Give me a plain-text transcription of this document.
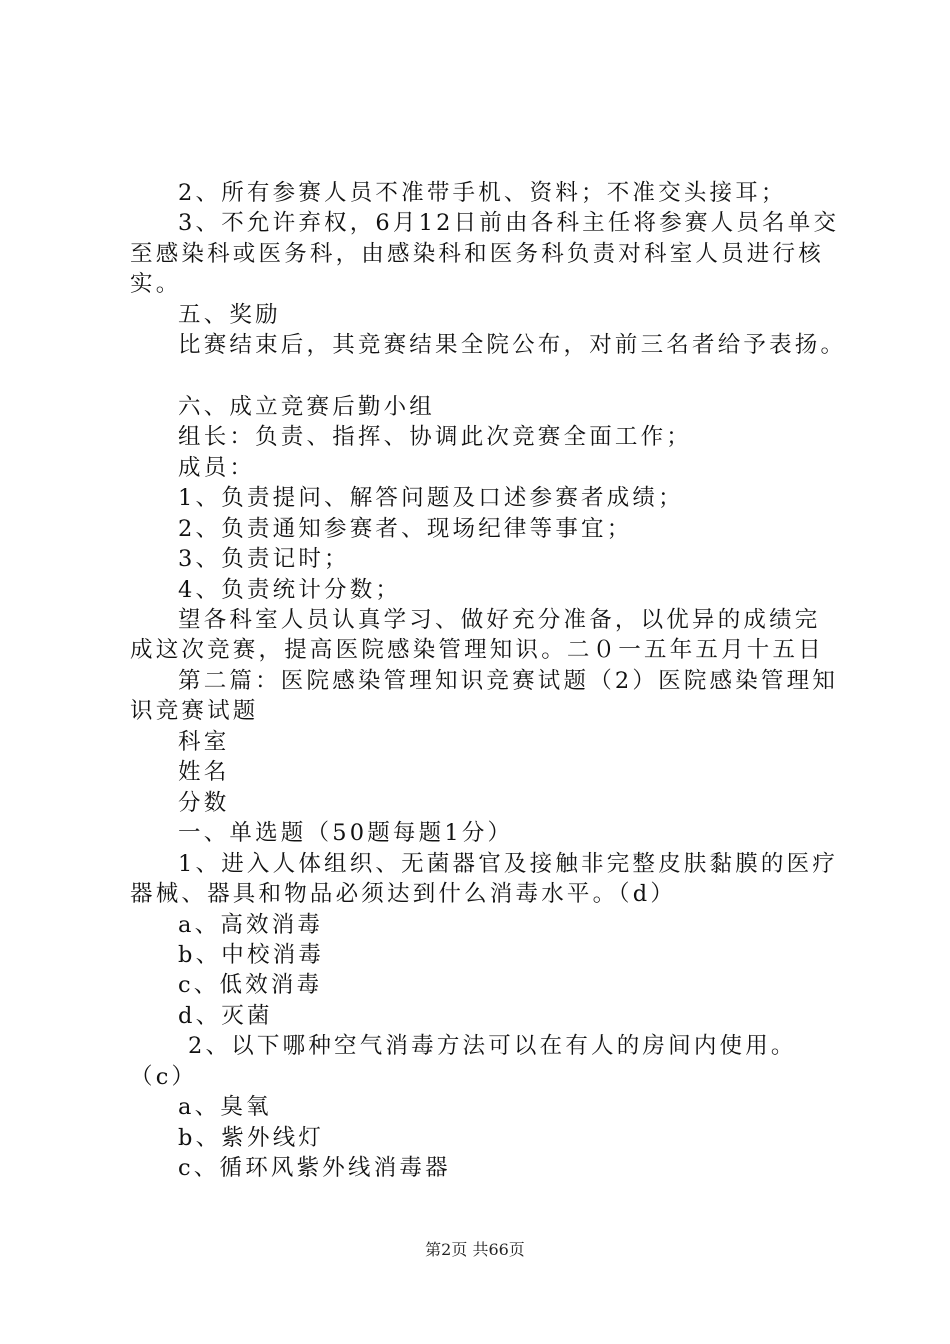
2、所有参赛人员不准带手机、资料；不准交头接耳；
3、不允许弃权，6月12日前由各科主任将参赛人员名单交
至感染科或医务科，由感染科和医务科负责对科室人员进行核
实。
五、奖励
比赛结束后，其竞赛结果全院公布，对前三名者给予表扬。
六、成立竞赛后勤小组
组长：负责、指挥、协调此次竞赛全面工作；
成员：
1、负责提问、解答问题及口述参赛者成绩；
2、负责通知参赛者、现场纪律等事宜；
3、负责记时；
4、负责统计分数；
望各科室人员认真学习、做好充分准备，以优异的成绩完
成这次竞赛，提高医院感染管理知识。二０一五年五月十五日
第二篇：医院感染管理知识竞赛试题（2）医院感染管理知
识竞赛试题
科室
姓名
分数
一、单选题（50题每题1分）
1、进入人体组织、无菌器官及接触非完整皮肤黏膜的医疗
器械、器具和物品必须达到什么消毒水平。（d）
a、高效消毒
b、中校消毒
c、低效消毒
d、灭菌
2、以下哪种空气消毒方法可以在有人的房间内使用。
（c）
a、臭氧
b、紫外线灯
c、循环风紫外线消毒器
第2页 共66页
